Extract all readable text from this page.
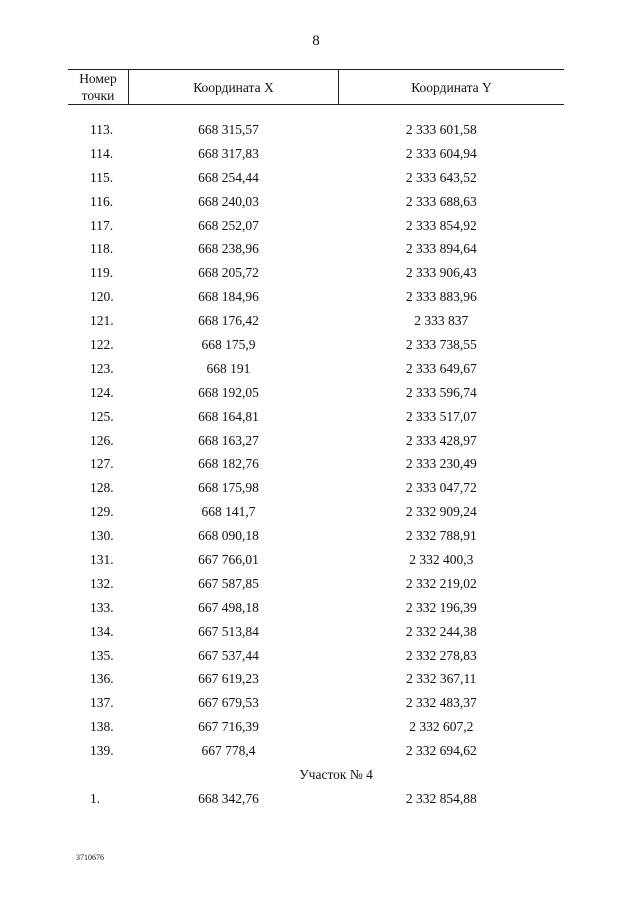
8
Номер точки	Координата X	Координата Y

113.	668 315,57	2 333 601,58
114.	668 317,83	2 333 604,94
115.	668 254,44	2 333 643,52
116.	668 240,03	2 333 688,63
117.	668 252,07	2 333 854,92
118.	668 238,96	2 333 894,64
119.	668 205,72	2 333 906,43
120.	668 184,96	2 333 883,96
121.	668 176,42	2 333 837
122.	668 175,9	2 333 738,55
123.	668 191	2 333 649,67
124.	668 192,05	2 333 596,74
125.	668 164,81	2 333 517,07
126.	668 163,27	2 333 428,97
127.	668 182,76	2 333 230,49
128.	668 175,98	2 333 047,72
129.	668 141,7	2 332 909,24
130.	668 090,18	2 332 788,91
131.	667 766,01	2 332 400,3
132.	667 587,85	2 332 219,02
133.	667 498,18	2 332 196,39
134.	667 513,84	2 332 244,38
135.	667 537,44	2 332 278,83
136.	667 619,23	2 332 367,11
137.	667 679,53	2 332 483,37
138.	667 716,39	2 332 607,2
139.	667 778,4	2 332 694,62
Участок № 4		
1.	668 342,76	2 332 854,88
3710676
